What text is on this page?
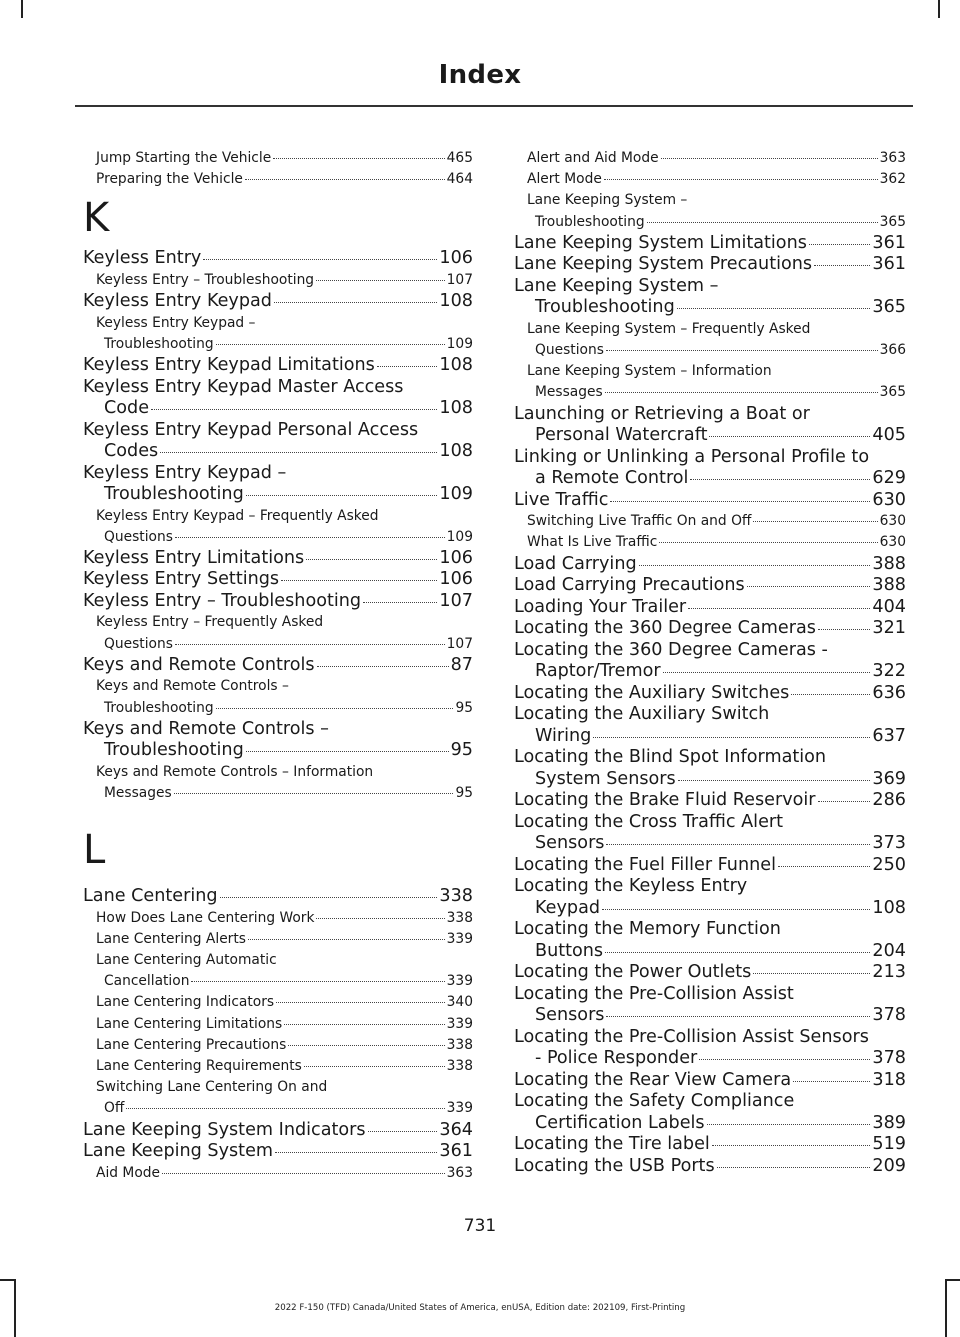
Index
Jump Starting the Vehicle	465
Preparing the Vehicle	464
K
Keyless Entry	106
Keyless Entry – Troubleshooting	107
Keyless Entry Keypad	108
Keyless Entry Keypad –
Troubleshooting	109
Keyless Entry Keypad Limitations	108
Keyless Entry Keypad Master Access
Code	108
Keyless Entry Keypad Personal Access
Codes	108
Keyless Entry Keypad –
Troubleshooting	109
Keyless Entry Keypad – Frequently Asked
Questions	109
Keyless Entry Limitations	106
Keyless Entry Settings	106
Keyless Entry – Troubleshooting	107
Keyless Entry – Frequently Asked
Questions	107
Keys and Remote Controls	87
Keys and Remote Controls –
Troubleshooting	95
Keys and Remote Controls –
Troubleshooting	95
Keys and Remote Controls – Information
Messages	95
L
Lane Centering	338
How Does Lane Centering Work	338
Lane Centering Alerts	339
Lane Centering Automatic
Cancellation	339
Lane Centering Indicators	340
Lane Centering Limitations	339
Lane Centering Precautions	338
Lane Centering Requirements	338
Switching Lane Centering On and
Off	339
Lane Keeping System Indicators	364
Lane Keeping System	361
Aid Mode	363
Alert and Aid Mode	363
Alert Mode	362
Lane Keeping System –
Troubleshooting	365
Lane Keeping System Limitations	361
Lane Keeping System Precautions	361
Lane Keeping System –
Troubleshooting	365
Lane Keeping System – Frequently Asked
Questions	366
Lane Keeping System – Information
Messages	365
Launching or Retrieving a Boat or
Personal Watercraft	405
Linking or Unlinking a Personal Profile to
a Remote Control	629
Live Traffic	630
Switching Live Traffic On and Off	630
What Is Live Traffic	630
Load Carrying	388
Load Carrying Precautions	388
Loading Your Trailer	404
Locating the 360 Degree Cameras	321
Locating the 360 Degree Cameras -
Raptor/Tremor	322
Locating the Auxiliary Switches	636
Locating the Auxiliary Switch
Wiring	637
Locating the Blind Spot Information
System Sensors	369
Locating the Brake Fluid Reservoir	286
Locating the Cross Traffic Alert
Sensors	373
Locating the Fuel Filler Funnel	250
Locating the Keyless Entry
Keypad	108
Locating the Memory Function
Buttons	204
Locating the Power Outlets	213
Locating the Pre-Collision Assist
Sensors	378
Locating the Pre-Collision Assist Sensors
- Police Responder	378
Locating the Rear View Camera	318
Locating the Safety Compliance
Certification Labels	389
Locating the Tire label	519
Locating the USB Ports	209
731
2022 F-150 (TFD) Canada/United States of America, enUSA, Edition date: 202109, First-Printing
